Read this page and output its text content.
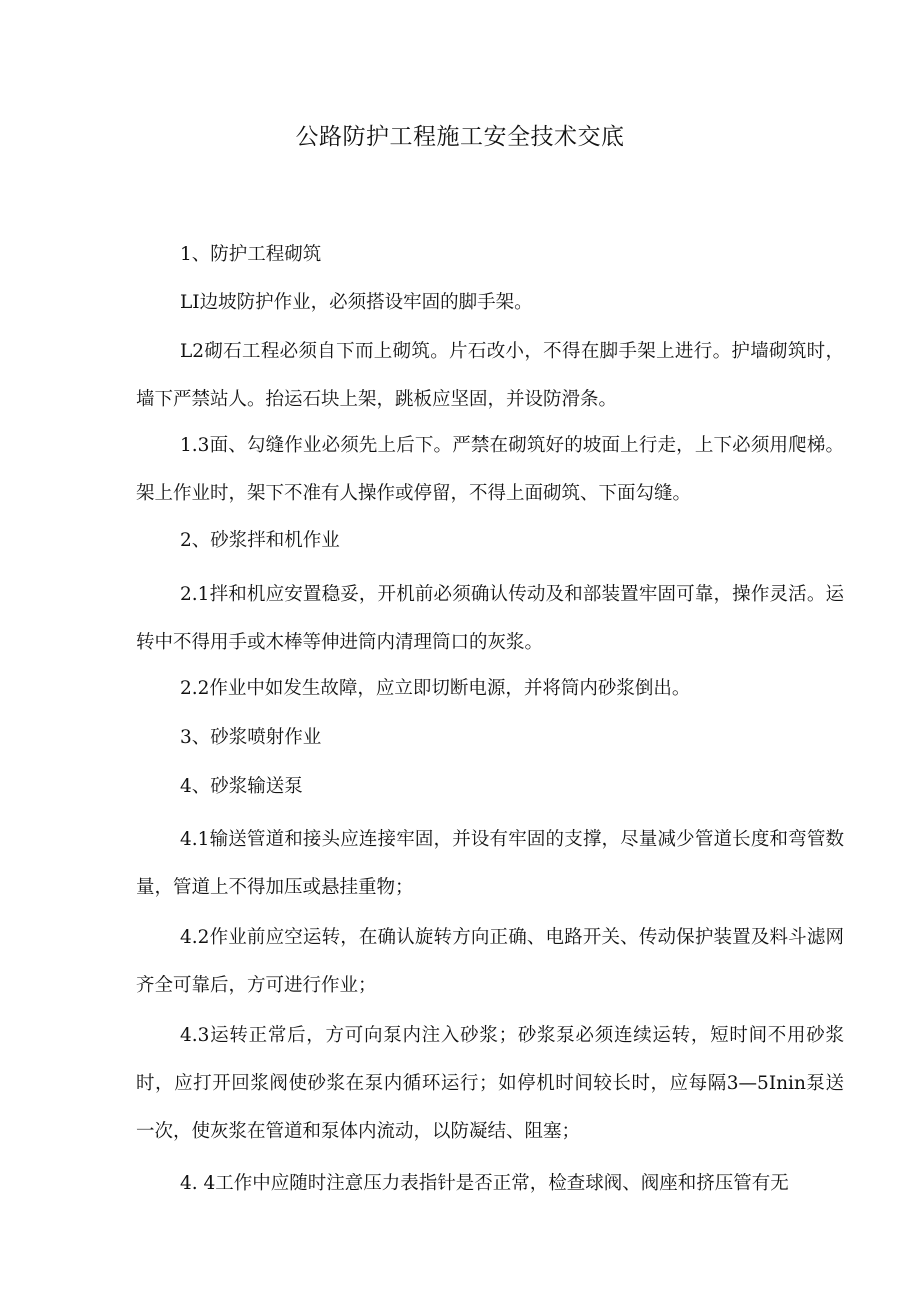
公路防护工程施工安全技术交底

1、防护工程砌筑

LI边坡防护作业，必须搭设牢固的脚手架。

L2砌石工程必须自下而上砌筑。片石改小，不得在脚手架上进行。护墙砌筑时，墙下严禁站人。抬运石块上架，跳板应坚固，并设防滑条。

1.3面、勾缝作业必须先上后下。严禁在砌筑好的坡面上行走，上下必须用爬梯。架上作业时，架下不准有人操作或停留，不得上面砌筑、下面勾缝。

2、砂浆拌和机作业

2.1拌和机应安置稳妥，开机前必须确认传动及和部装置牢固可靠，操作灵活。运转中不得用手或木棒等伸进筒内清理筒口的灰浆。

2.2作业中如发生故障，应立即切断电源，并将筒内砂浆倒出。

3、砂浆喷射作业

4、砂浆输送泵

4.1输送管道和接头应连接牢固，并设有牢固的支撑，尽量减少管道长度和弯管数量，管道上不得加压或悬挂重物；

4.2作业前应空运转，在确认旋转方向正确、电路开关、传动保护装置及料斗滤网齐全可靠后，方可进行作业；

4.3运转正常后，方可向泵内注入砂浆；砂浆泵必须连续运转，短时间不用砂浆时，应打开回浆阀使砂浆在泵内循环运行；如停机时间较长时，应每隔3—5Inin泵送一次，使灰浆在管道和泵体内流动，以防凝结、阻塞；

4. 4工作中应随时注意压力表指针是否正常，检查球阀、阀座和挤压管有无
